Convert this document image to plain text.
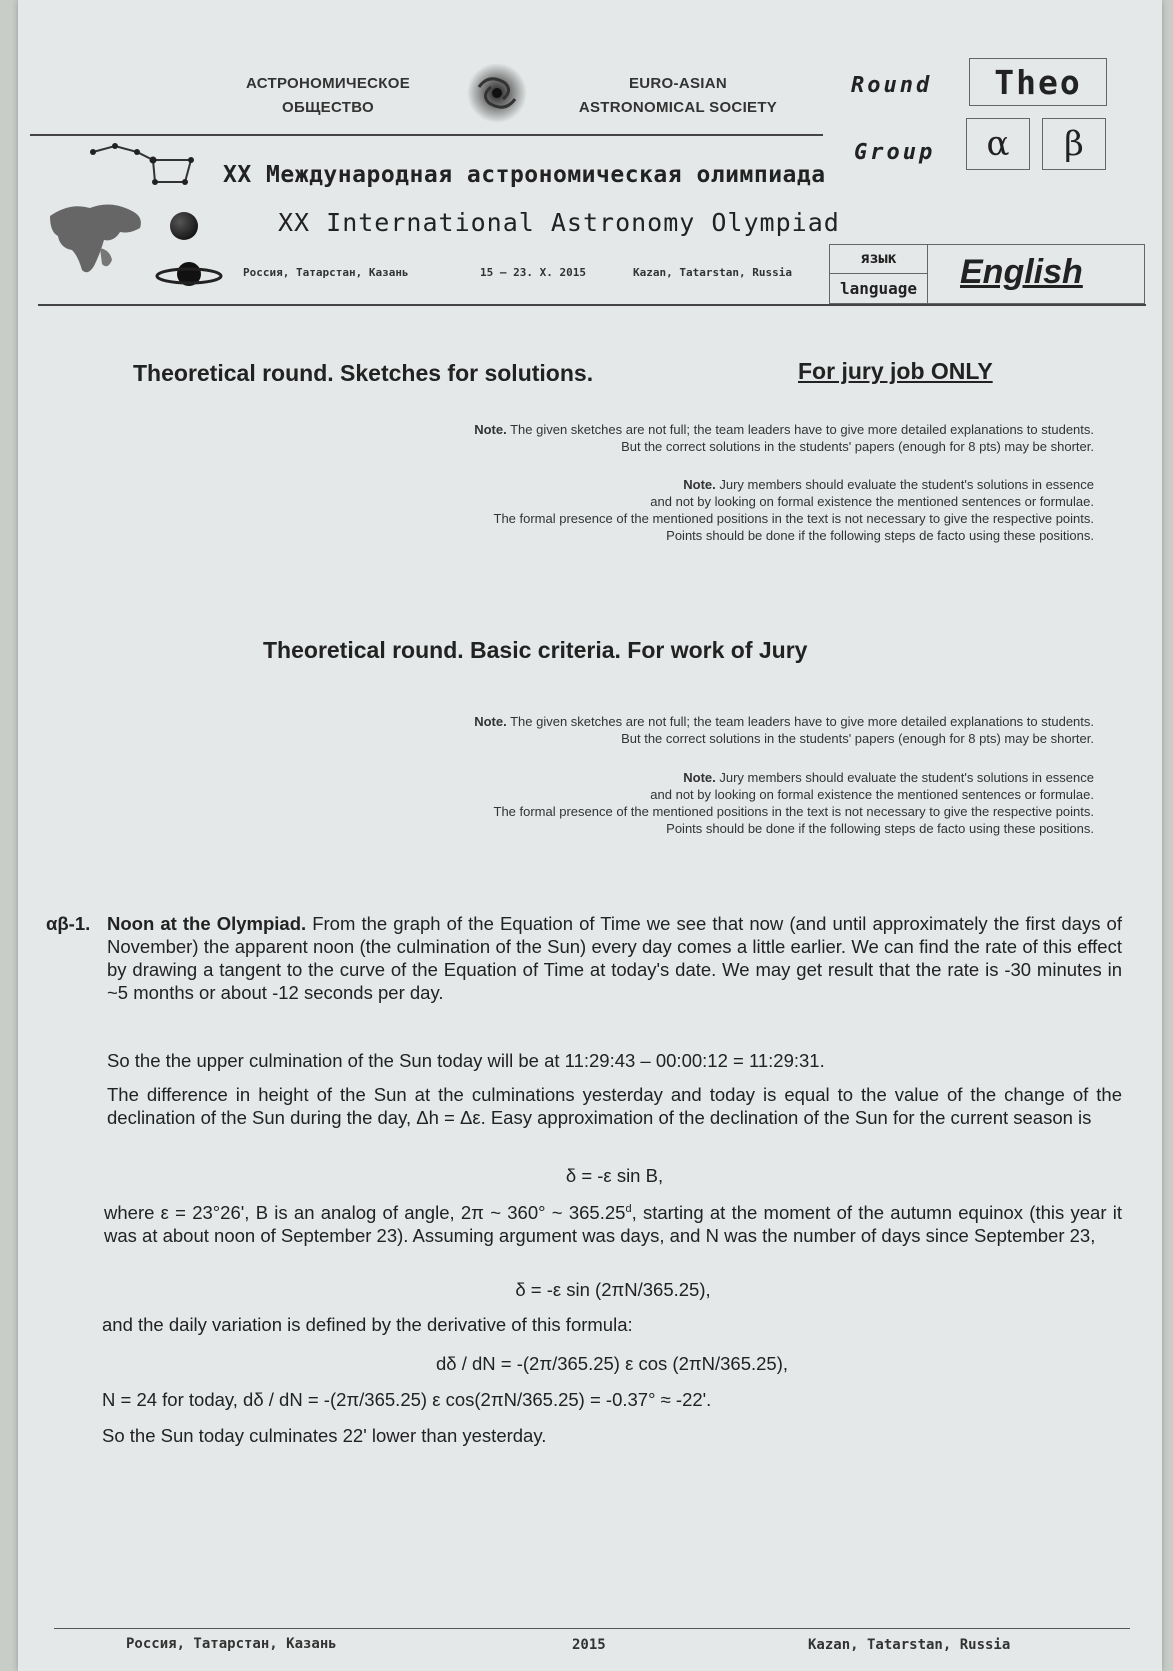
АСТРОНОМИЧЕСКОЕ
ОБЩЕСТВО
EURO-ASIAN
ASTRONOMICAL SOCIETY
Round	Theo
Group	α	β
XX Международная астрономическая олимпиада
XX International Astronomy Olympiad
Россия, Татарстан, Казань	15 – 23. X. 2015	Kazan, Tatarstan, Russia
язык
language	English
Theoretical round. Sketches for solutions.	For jury job ONLY
Note. The given sketches are not full; the team leaders have to give more detailed explanations to students.
But the correct solutions in the students' papers (enough for 8 pts) may be shorter.
Note. Jury members should evaluate the student's solutions in essence
and not by looking on formal existence the mentioned sentences or formulae.
The formal presence of the mentioned positions in the text is not necessary to give the respective points.
Points should be done if the following steps de facto using these positions.
Theoretical round. Basic criteria. For work of Jury
Note. The given sketches are not full; the team leaders have to give more detailed explanations to students.
But the correct solutions in the students' papers (enough for 8 pts) may be shorter.
Note. Jury members should evaluate the student's solutions in essence
and not by looking on formal existence the mentioned sentences or formulae.
The formal presence of the mentioned positions in the text is not necessary to give the respective points.
Points should be done if the following steps de facto using these positions.
αβ-1. Noon at the Olympiad. From the graph of the Equation of Time we see that now (and until approximately the first days of November) the apparent noon (the culmination of the Sun) every day comes a little earlier. We can find the rate of this effect by drawing a tangent to the curve of the Equation of Time at today's date. We may get result that the rate is -30 minutes in ~5 months or about -12 seconds per day.
So the the upper culmination of the Sun today will be at 11:29:43 – 00:00:12 = 11:29:31.
The difference in height of the Sun at the culminations yesterday and today is equal to the value of the change of the declination of the Sun during the day, Δh = Δε. Easy approximation of the declination of the Sun for the current season is
δ = -ε sin B,
where ε = 23°26', B is an analog of angle, 2π ~ 360° ~ 365.25$^d$, starting at the moment of the autumn equinox (this year it was at about noon of September 23). Assuming argument was days, and N was the number of days since September 23,
δ = -ε sin (2πN/365.25),
and the daily variation is defined by the derivative of this formula:
dδ / dN = -(2π/365.25) ε cos (2πN/365.25),
N = 24 for today, dδ / dN = -(2π/365.25) ε cos(2πN/365.25) = -0.37° ≈ -22'.
So the Sun today culminates 22' lower than yesterday.
Россия, Татарстан, Казань	2015	Kazan, Tatarstan, Russia
